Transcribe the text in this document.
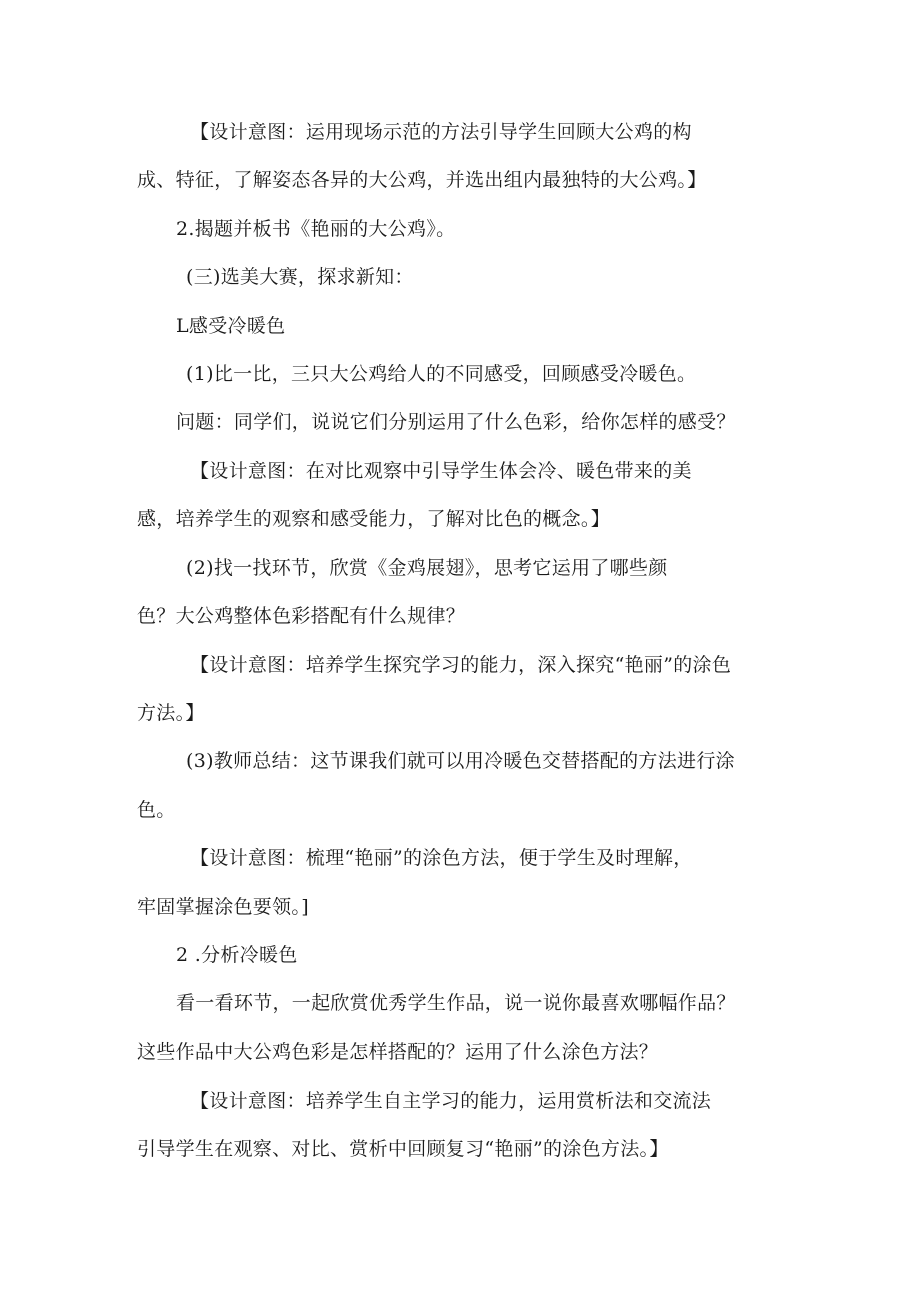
【设计意图：运用现场示范的方法引导学生回顾大公鸡的构

成、特征，了解姿态各异的大公鸡，并选出组内最独特的大公鸡。】

2.揭题并板书《艳丽的大公鸡》。

(三)选美大赛，探求新知：

L感受冷暖色

(1)比一比，三只大公鸡给人的不同感受，回顾感受冷暖色。

问题：同学们，说说它们分别运用了什么色彩，给你怎样的感受？

【设计意图：在对比观察中引导学生体会冷、暖色带来的美

感，培养学生的观察和感受能力，了解对比色的概念。】

(2)找一找环节，欣赏《金鸡展翅》，思考它运用了哪些颜

色？大公鸡整体色彩搭配有什么规律？

【设计意图：培养学生探究学习的能力，深入探究“艳丽”的涂色

方法。】

(3)教师总结：这节课我们就可以用冷暖色交替搭配的方法进行涂

色。

【设计意图：梳理“艳丽”的涂色方法，便于学生及时理解，

牢固掌握涂色要领。]

2 .分析冷暖色

看一看环节，一起欣赏优秀学生作品，说一说你最喜欢哪幅作品？

这些作品中大公鸡色彩是怎样搭配的？运用了什么涂色方法？

【设计意图：培养学生自主学习的能力，运用赏析法和交流法

引导学生在观察、对比、赏析中回顾复习“艳丽”的涂色方法。】
